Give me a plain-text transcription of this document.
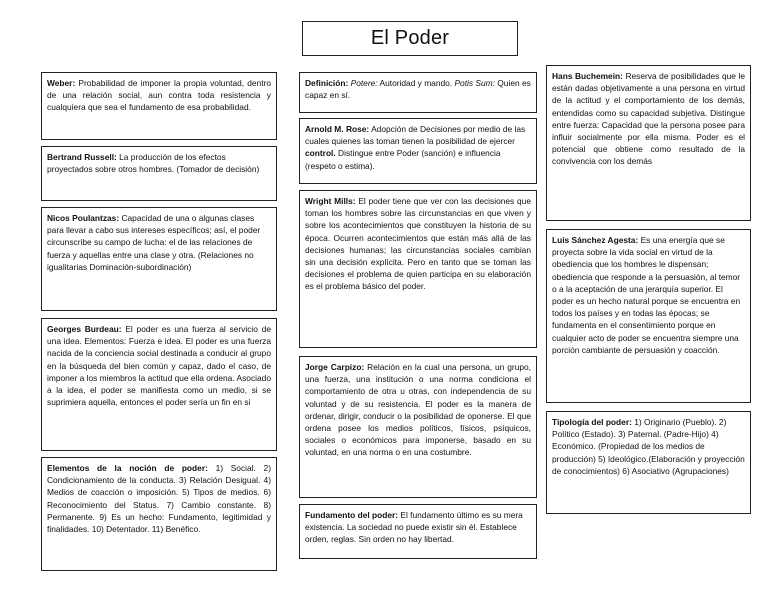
El Poder
Weber: Probabilidad de imponer la propia voluntad, dentro de una relación social, aun contra toda resistencia y cualquiera que sea el fundamento de esa probabilidad.
Bertrand Russell: La producción de los efectos proyectados sobre otros hombres. (Tomador de decisión)
Nicos Poulantzas: Capacidad de una o algunas clases para llevar a cabo sus intereses específicos; así, el poder circunscribe su campo de lucha: el de las relaciones de fuerza y aquellas entre una clase y otra. (Relaciones no igualitarias Dominación-subordinación)
Georges Burdeau: El poder es una fuerza al servicio de una idea. Elementos: Fuerza e idea. El poder es una fuerza nacida de la conciencia social destinada a conducir al grupo en la búsqueda del bien común y capaz, dado el caso, de imponer a los miembros la actitud que ella ordena. Asociado a la idea, el poder se manifiesta como un medio, si se suprimiera aquella, entonces el poder sería un fin en si
Elementos de la noción de poder: 1) Social. 2) Condicionamiento de la conducta. 3) Relación Desigual. 4) Medios de coacción o imposición. 5) Tipos de medios. 6) Reconocimiento del Status. 7) Cambio constante. 8) Permanente. 9) Es un hecho: Fundamento, legitimidad y finalidades. 10) Detentador. 11) Benéfico.
Definición: Potere: Autoridad y mando. Potis Sum: Quien es capaz en sí.
Arnold M. Rose: Adopción de Decisiones por medio de las cuales quienes las toman tienen la posibilidad de ejercer control. Distingue entre Poder (sanción) e influencia (respeto o estima).
Wright Mills: El poder tiene que ver con las decisiones que toman los hombres sobre las circunstancias en que viven y sobre los acontecimientos que constituyen la historia de su época. Ocurren acontecimientos que están más allá de las decisiones humanas; las circunstancias sociales cambian sin una decisión explícita. Pero en tanto que se toman las decisiones el problema de quien participa en su elaboración es el problema básico del poder.
Jorge Carpizo: Relación en la cual una persona, un grupo, una fuerza, una institución o una norma condiciona el comportamiento de otra u otras, con independencia de su voluntad y de su resistencia. El poder es la manera de ordenar, dirigir, conducir o la posibilidad de oponerse. El que ordena posee los medios políticos, físicos, psíquicos, sociales o económicos para imponerse, basado en su voluntad, en una norma o en una costumbre.
Fundamento del poder: El fundamento último es su mera existencia. La sociedad no puede existir sin él. Establece orden, reglas. Sin orden no hay libertad.
Hans Buchemein: Reserva de posibilidades que le están dadas objetivamente a una persona en virtud de la actitud y el comportamiento de los demás, entendidas como su capacidad subjetiva. Distingue entre fuerza: Capacidad que la persona posee para influir socialmente por ella misma. Poder es el potencial que obtiene como resultado de la convivencia con los demás
Luis Sánchez Agesta: Es una energía que se proyecta sobre la vida social en virtud de la obediencia que los hombres le dispensan; obediencia que responde a la persuasión, al temor o a la aceptación de una jerarquía superior. El poder es un hecho natural porque se encuentra en todos los países y en todas las épocas; se fundamenta en el consentimiento porque en cualquier acto de poder se encuentra siempre una porción cambiante de persuasión y coacción.
Tipología del poder: 1) Originario (Pueblo). 2) Político (Estado). 3) Paternal. (Padre-Hijo) 4) Económico. (Propiedad de los medios de producción) 5) Ideológico.(Elaboración y proyección de conocimientos) 6) Asociativo (Agrupaciones)
